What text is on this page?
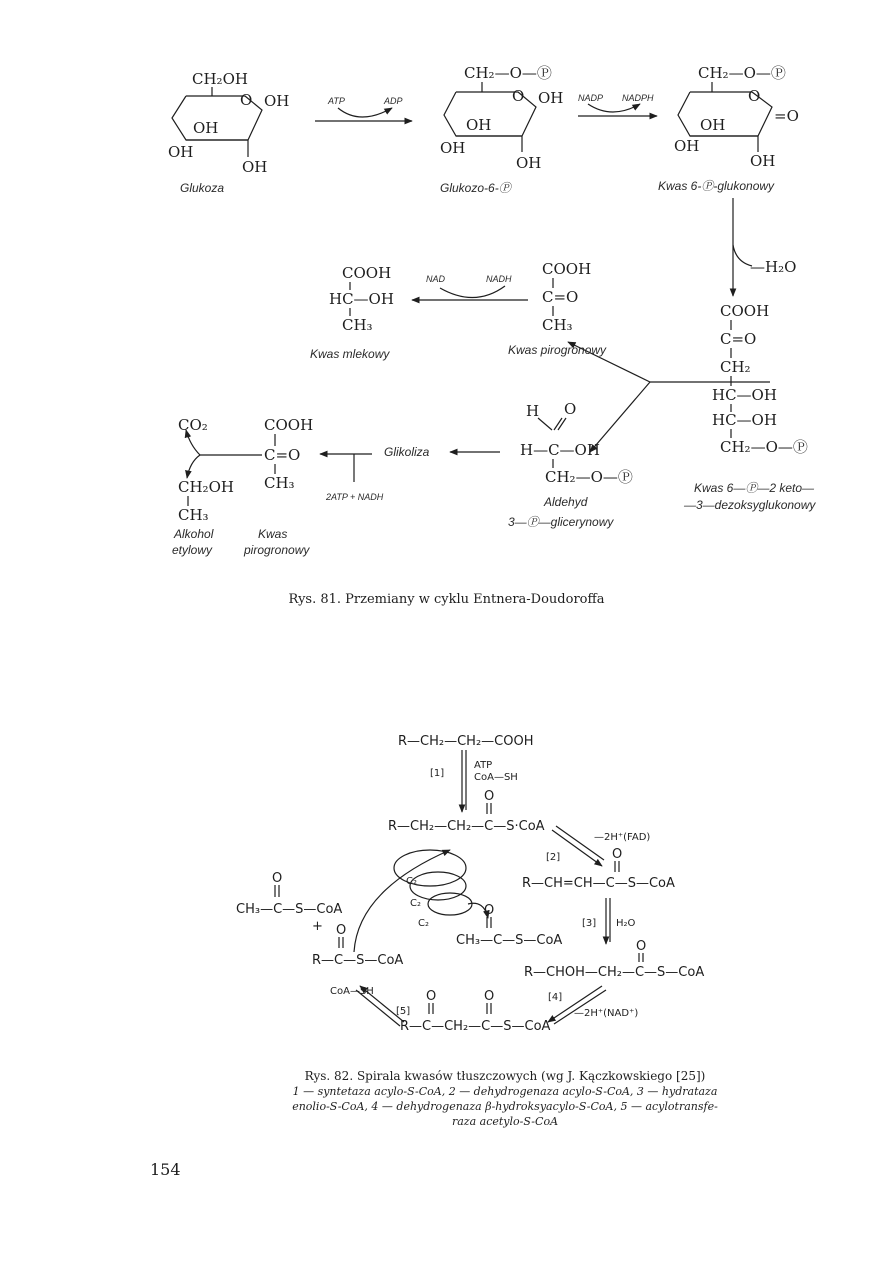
CH₂OH
O OH
OH
OH
OH
Glukoza
ATP	ADP
CH₂—O—Ⓟ
O OH
OH
OH
OH
Glukozo-6-Ⓟ
NADP NADPH
CH₂—O—Ⓟ
O
=O
OH
OH
OH
Kwas 6-Ⓟ-glukonowy
—H₂O
COOH
C=O
CH₂
HC—OH
HC—OH
CH₂—O—Ⓟ
Kwas 6—Ⓟ—2 keto—
—3—dezoksyglukonowy
COOH
HC—OH
CH₃
Kwas mlekowy
NAD	NADH
COOH
C=O
CH₃
Kwas pirogronowy
H O
H—C—OH
CH₂—O—Ⓟ
Aldehyd
3—Ⓟ—glicerynowy
Glikoliza
2ATP + NADH
COOH
C=O
CH₃
Kwas
pirogronowy
CO₂
CH₂OH
CH₃
Alkohol
etylowy
R—CH₂—CH₂—COOH
[1]
ATP
CoA—SH
O
R—CH₂—CH₂—C—S·CoA
[2]
—2H⁺(FAD)
O
R—CH=CH—C—S—CoA
[3] H₂O
O
R—CHOH—CH₂—C—S—CoA
[4]
—2H⁺(NAD⁺)
O	O
R—C—CH₂—C—S—CoA
[5]
CoA—SH
O
CH₃—C—S—CoA
+ O
R—C—S—CoA
C₂
C₂
C₂
O
CH₃—C—S—CoA
Rys. 81. Przemiany w cyklu Entnera-Doudoroffa
Rys. 82. Spirala kwasów tłuszczowych (wg J. Kączkowskiego [25])
1 — syntetaza acylo-S-CoA, 2 — dehydrogenaza acylo-S-CoA, 3 — hydrataza
enolio-S-CoA, 4 — dehydrogenaza β-hydroksyacylo-S-CoA, 5 — acylotransfe-
raza acetylo-S-CoA
154
